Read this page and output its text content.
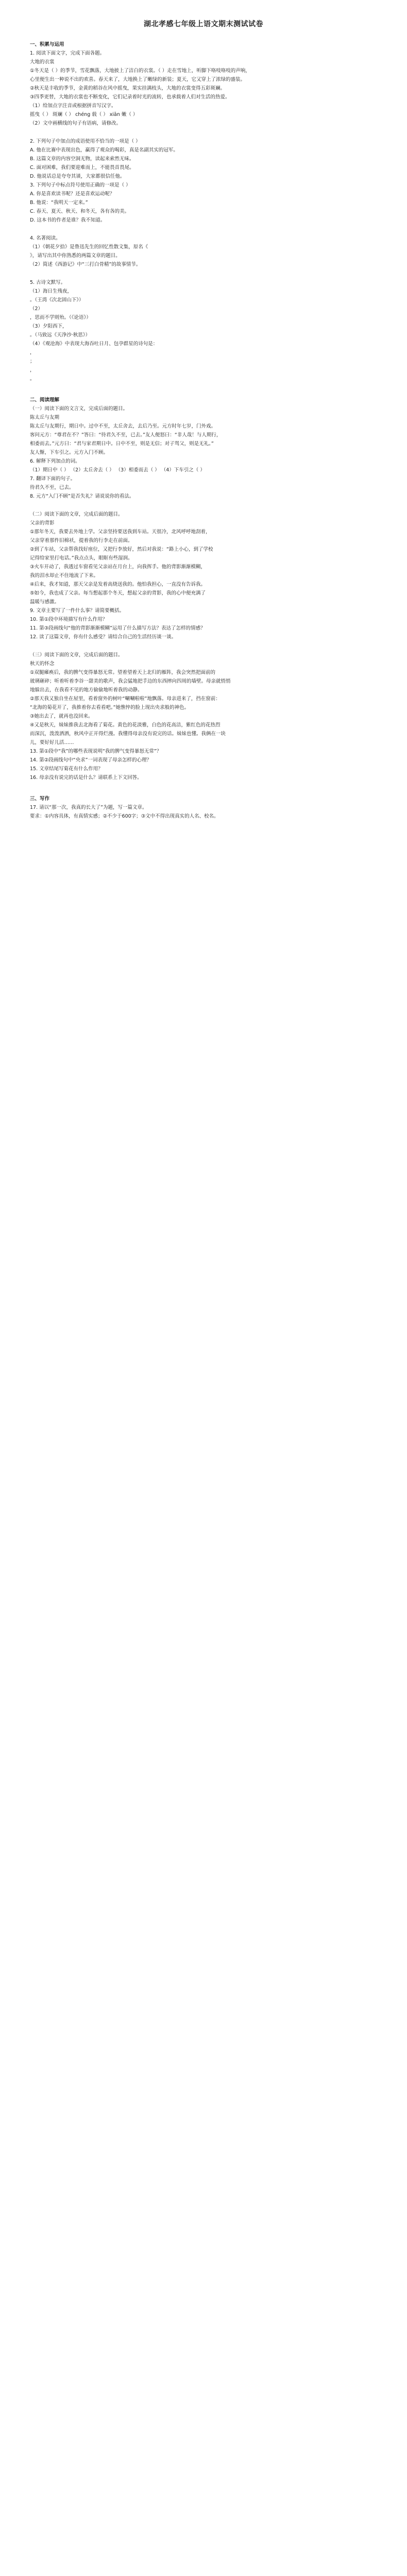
湖北孝感七年级上语文期末测试试卷
一、积累与运用
1. 阅读下面文字，完成下面各题。
大地的衣裳
①冬天是（ ）的季节，雪花飘落，大地披上了洁白的衣裳。（ ）走在雪地上，听脚下咯吱咯吱的声响，
心里便生出一种说不出的欢喜。春天来了，大地换上了嫩绿的新装；夏天，它又穿上了浓绿的盛装。
②秋天是丰收的季节，金黄的稻谷在风中摇曳，果实挂满枝头，大地的衣裳变得五彩斑斓。
③四季更替，大地的衣裳也不断变化，它们记录着时光的流转，也承载着人们对生活的热爱。
（1）给加点字注音或根据拼音写汉字。
摇曳（ ） 斑斓（ ） chéng 载（ ） xiān 嫩（ ）
（2）文中画横线的句子有语病，请修改。
2. 下列句子中加点的成语使用不恰当的一项是（ ）
A. 他在比赛中表现出色，赢得了观众的喝彩，真是名副其实的冠军。
B. 这篇文章的内容空洞无物，读起来索然无味。
C. 面对困难，我们要迎难而上，不能畏首畏尾。
D. 他说话总是夸夸其谈，大家都很信任他。
3. 下列句子中标点符号使用正确的一项是（ ）
A. 你是喜欢读书呢？还是喜欢运动呢？
B. 他说：“我明天一定来。”
C. 春天、夏天、秋天、和冬天，各有各的美。
D. 这本书的作者是谁？我不知道。
4. 名著阅读。
（1）《朝花夕拾》是鲁迅先生的回忆性散文集，原名《
》，请写出其中你熟悉的两篇文章的题目。
（2）简述《西游记》中“三打白骨精”的故事情节。
5. 古诗文默写。
（1）海日生残夜，
。（王湾《次北固山下》）
（2）
，思而不学则殆。（《论语》）
（3）夕阳西下，
。（马致远《天净沙·秋思》）
（4）《观沧海》中表现大海吞吐日月、包孕群星的诗句是：
，
；
，
。
二、阅读理解
（一）阅读下面的文言文，完成后面的题目。
陈太丘与友期
陈太丘与友期行，期日中。过中不至，太丘舍去，去后乃至。元方时年七岁，门外戏。
客问元方：“尊君在不？”答曰：“待君久不至，已去。”友人便怒曰：“非人哉！与人期行，
相委而去。”元方曰：“君与家君期日中。日中不至，则是无信；对子骂父，则是无礼。”
友人惭，下车引之。元方入门不顾。
6. 解释下列加点的词。
（1）期日中（ ） （2）太丘舍去（ ） （3）相委而去（ ） （4）下车引之（ ）
7. 翻译下面的句子。
待君久不至，已去。
8. 元方“入门不顾”是否失礼？请说说你的看法。
（二）阅读下面的文章，完成后面的题目。
父亲的背影
①那年冬天，我要去外地上学。父亲坚持要送我到车站。天很冷，北风呼呼地刮着，
父亲穿着那件旧棉袄，提着我的行李走在前面。
②到了车站，父亲帮我找好座位，又把行李放好，然后对我说：“路上小心，到了学校
记得给家里打电话。”我点点头，眼眶有些湿润。
③火车开动了，我透过车窗看见父亲站在月台上，向我挥手。他的背影渐渐模糊，
我的泪水却止不住地流了下来。
④后来，我才知道，那天父亲是发着高烧送我的。他怕我担心，一直没有告诉我。
⑤如今，我也成了父亲。每当想起那个冬天，想起父亲的背影，我的心中便充满了
温暖与感激。
9. 文章主要写了一件什么事？请简要概括。
10. 第①段中环境描写有什么作用？
11. 第③段画线句“他的背影渐渐模糊”运用了什么描写方法？表达了怎样的情感？
12. 读了这篇文章，你有什么感受？请结合自己的生活经历谈一谈。
（三）阅读下面的文章，完成后面的题目。
秋天的怀念
①双腿瘫痪后，我的脾气变得暴怒无常。望着望着天上北归的雁阵，我会突然把面前的
玻璃砸碎；听着听着李谷一甜美的歌声，我会猛地把手边的东西摔向四周的墙壁。母亲就悄悄
地躲出去，在我看不见的地方偷偷地听着我的动静。
②那天我又独自坐在屋里，看着窗外的树叶“唰唰啦啦”地飘落。母亲进来了，挡在窗前：
“北海的菊花开了，我推着你去看看吧。”她憔悴的脸上现出央求般的神色。
③她出去了，就再也没回来。
④又是秋天，妹妹推我去北海看了菊花。黄色的花淡雅，白色的花高洁，紫红色的花热烈
而深沉，泼泼洒洒，秋风中正开得烂漫。我懂得母亲没有说完的话。妹妹也懂。我俩在一块
儿，要好好儿活……
13. 第①段中“我”的哪些表现说明“我的脾气变得暴怒无常”？
14. 第②段画线句中“央求”一词表现了母亲怎样的心理？
15. 文章结尾写菊花有什么作用？
16. 母亲没有说完的话是什么？请联系上下文回答。
三、写作
17. 请以“那一次，我真的长大了”为题，写一篇文章。
要求：①内容具体，有真情实感；②不少于600字；③文中不得出现真实的人名、校名。
